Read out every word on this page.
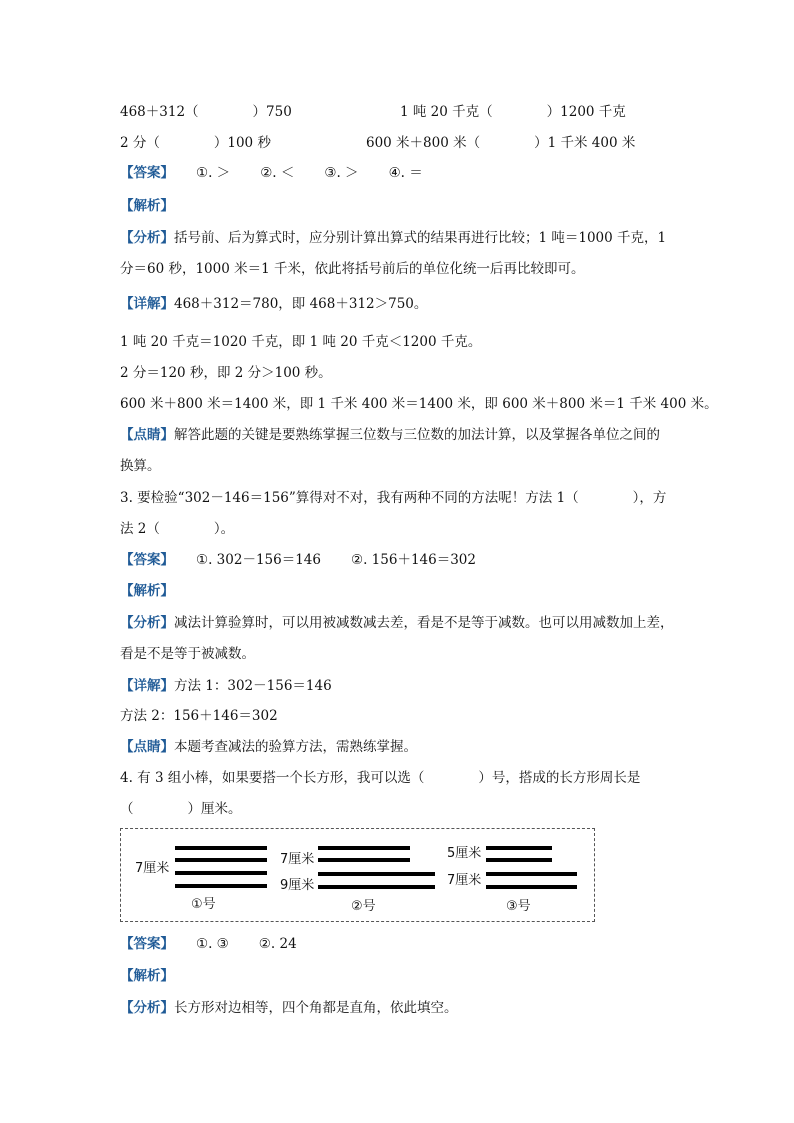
468＋312（　　　　）750	1 吨 20 千克（　　　　）1200 千克
2 分（　　　　）100 秒	600 米＋800 米（　　　　）1 千米 400 米
【答案】 ①. ＞ ②. ＜ ③. ＞ ④. ＝
【解析】
【分析】括号前、后为算式时，应分别计算出算式的结果再进行比较；1 吨＝1000 千克，1
分＝60 秒，1000 米＝1 千米，依此将括号前后的单位化统一后再比较即可。
【详解】468＋312＝780，即 468＋312＞750。
1 吨 20 千克＝1020 千克，即 1 吨 20 千克＜1200 千克。
2 分＝120 秒，即 2 分＞100 秒。
600 米＋800 米＝1400 米，即 1 千米 400 米＝1400 米，即 600 米＋800 米＝1 千米 400 米。
【点睛】解答此题的关键是要熟练掌握三位数与三位数的加法计算，以及掌握各单位之间的
换算。
3. 要检验“302－146＝156”算得对不对，我有两种不同的方法呢！方法 1（　　　　），方
法 2（　　　　）。
【答案】 ①. 302－156＝146 ②. 156＋146＝302
【解析】
【分析】减法计算验算时，可以用被减数减去差，看是不是等于减数。也可以用减数加上差，
看是不是等于被减数。
【详解】方法 1：302－156＝146
方法 2：156＋146＝302
【点睛】本题考查减法的验算方法，需熟练掌握。
4. 有 3 组小棒，如果要搭一个长方形，我可以选（　　　　）号，搭成的长方形周长是
（　　　　）厘米。
7厘米
①号
7厘米
9厘米
②号
5厘米
7厘米
③号
【答案】 ①. ③ ②. 24
【解析】
【分析】长方形对边相等，四个角都是直角，依此填空。
